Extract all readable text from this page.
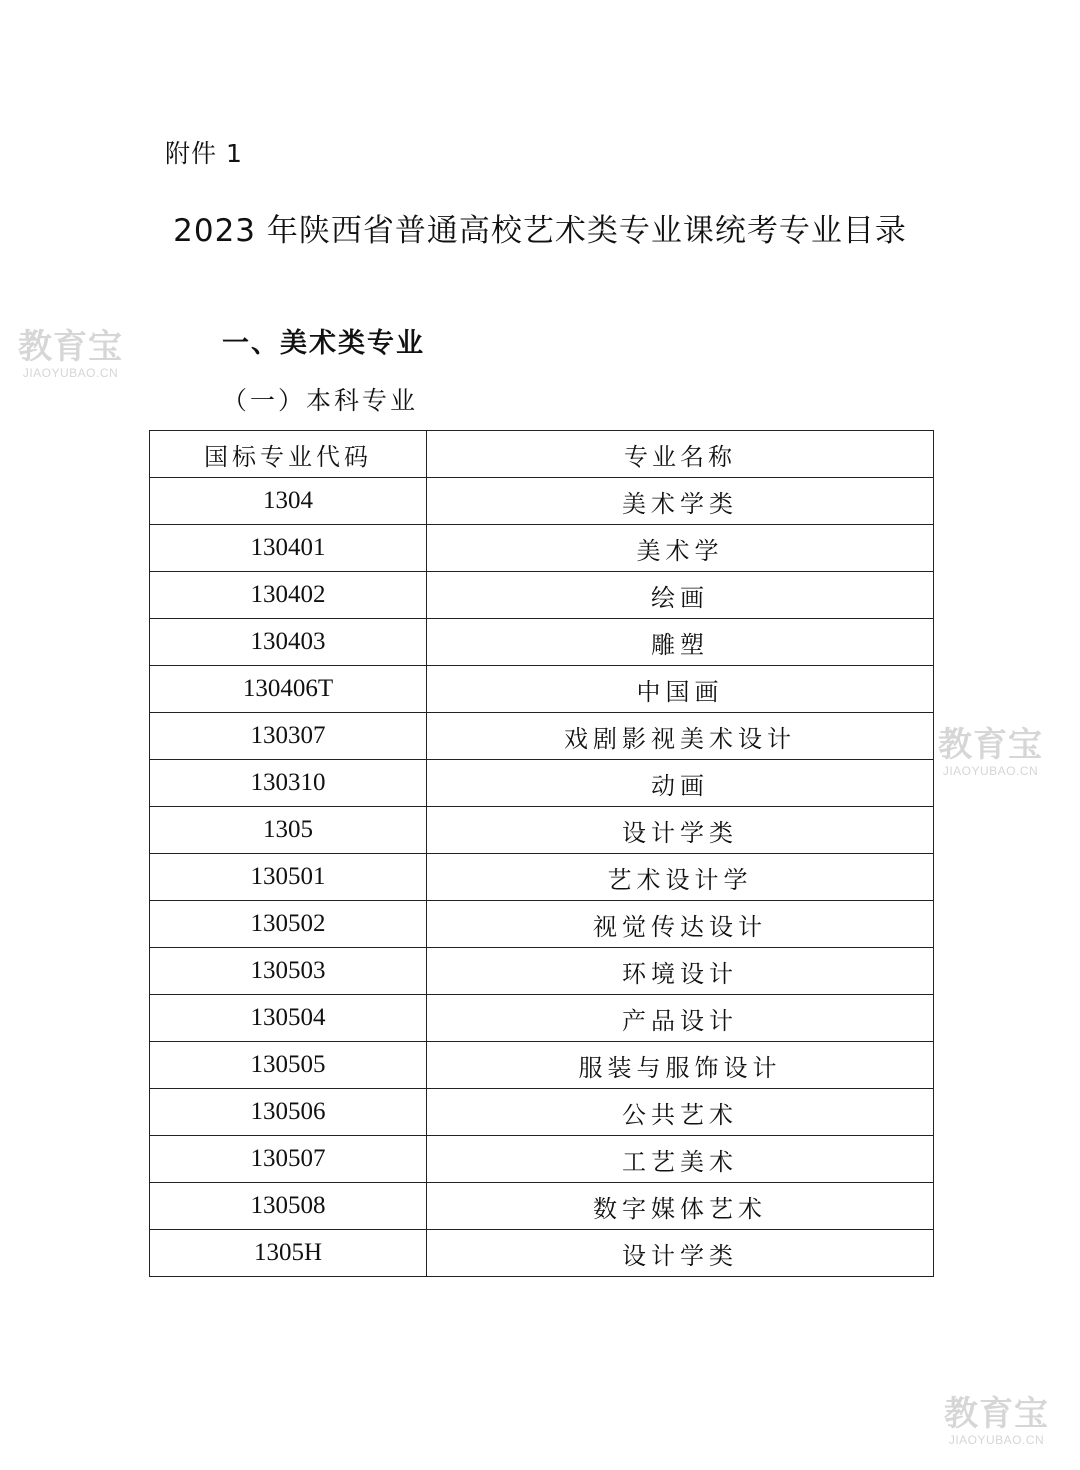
附件 1
2023 年陕西省普通高校艺术类专业课统考专业目录
一、美术类专业
（一）本科专业
国标专业代码	专业名称
1304	美术学类
130401	美术学
130402	绘画
130403	雕塑
130406T	中国画
130307	戏剧影视美术设计
130310	动画
1305	设计学类
130501	艺术设计学
130502	视觉传达设计
130503	环境设计
130504	产品设计
130505	服装与服饰设计
130506	公共艺术
130507	工艺美术
130508	数字媒体艺术
1305H	设计学类
教育宝
JIAOYUBAO.CN
教育宝
JIAOYUBAO.CN
教育宝
JIAOYUBAO.CN
